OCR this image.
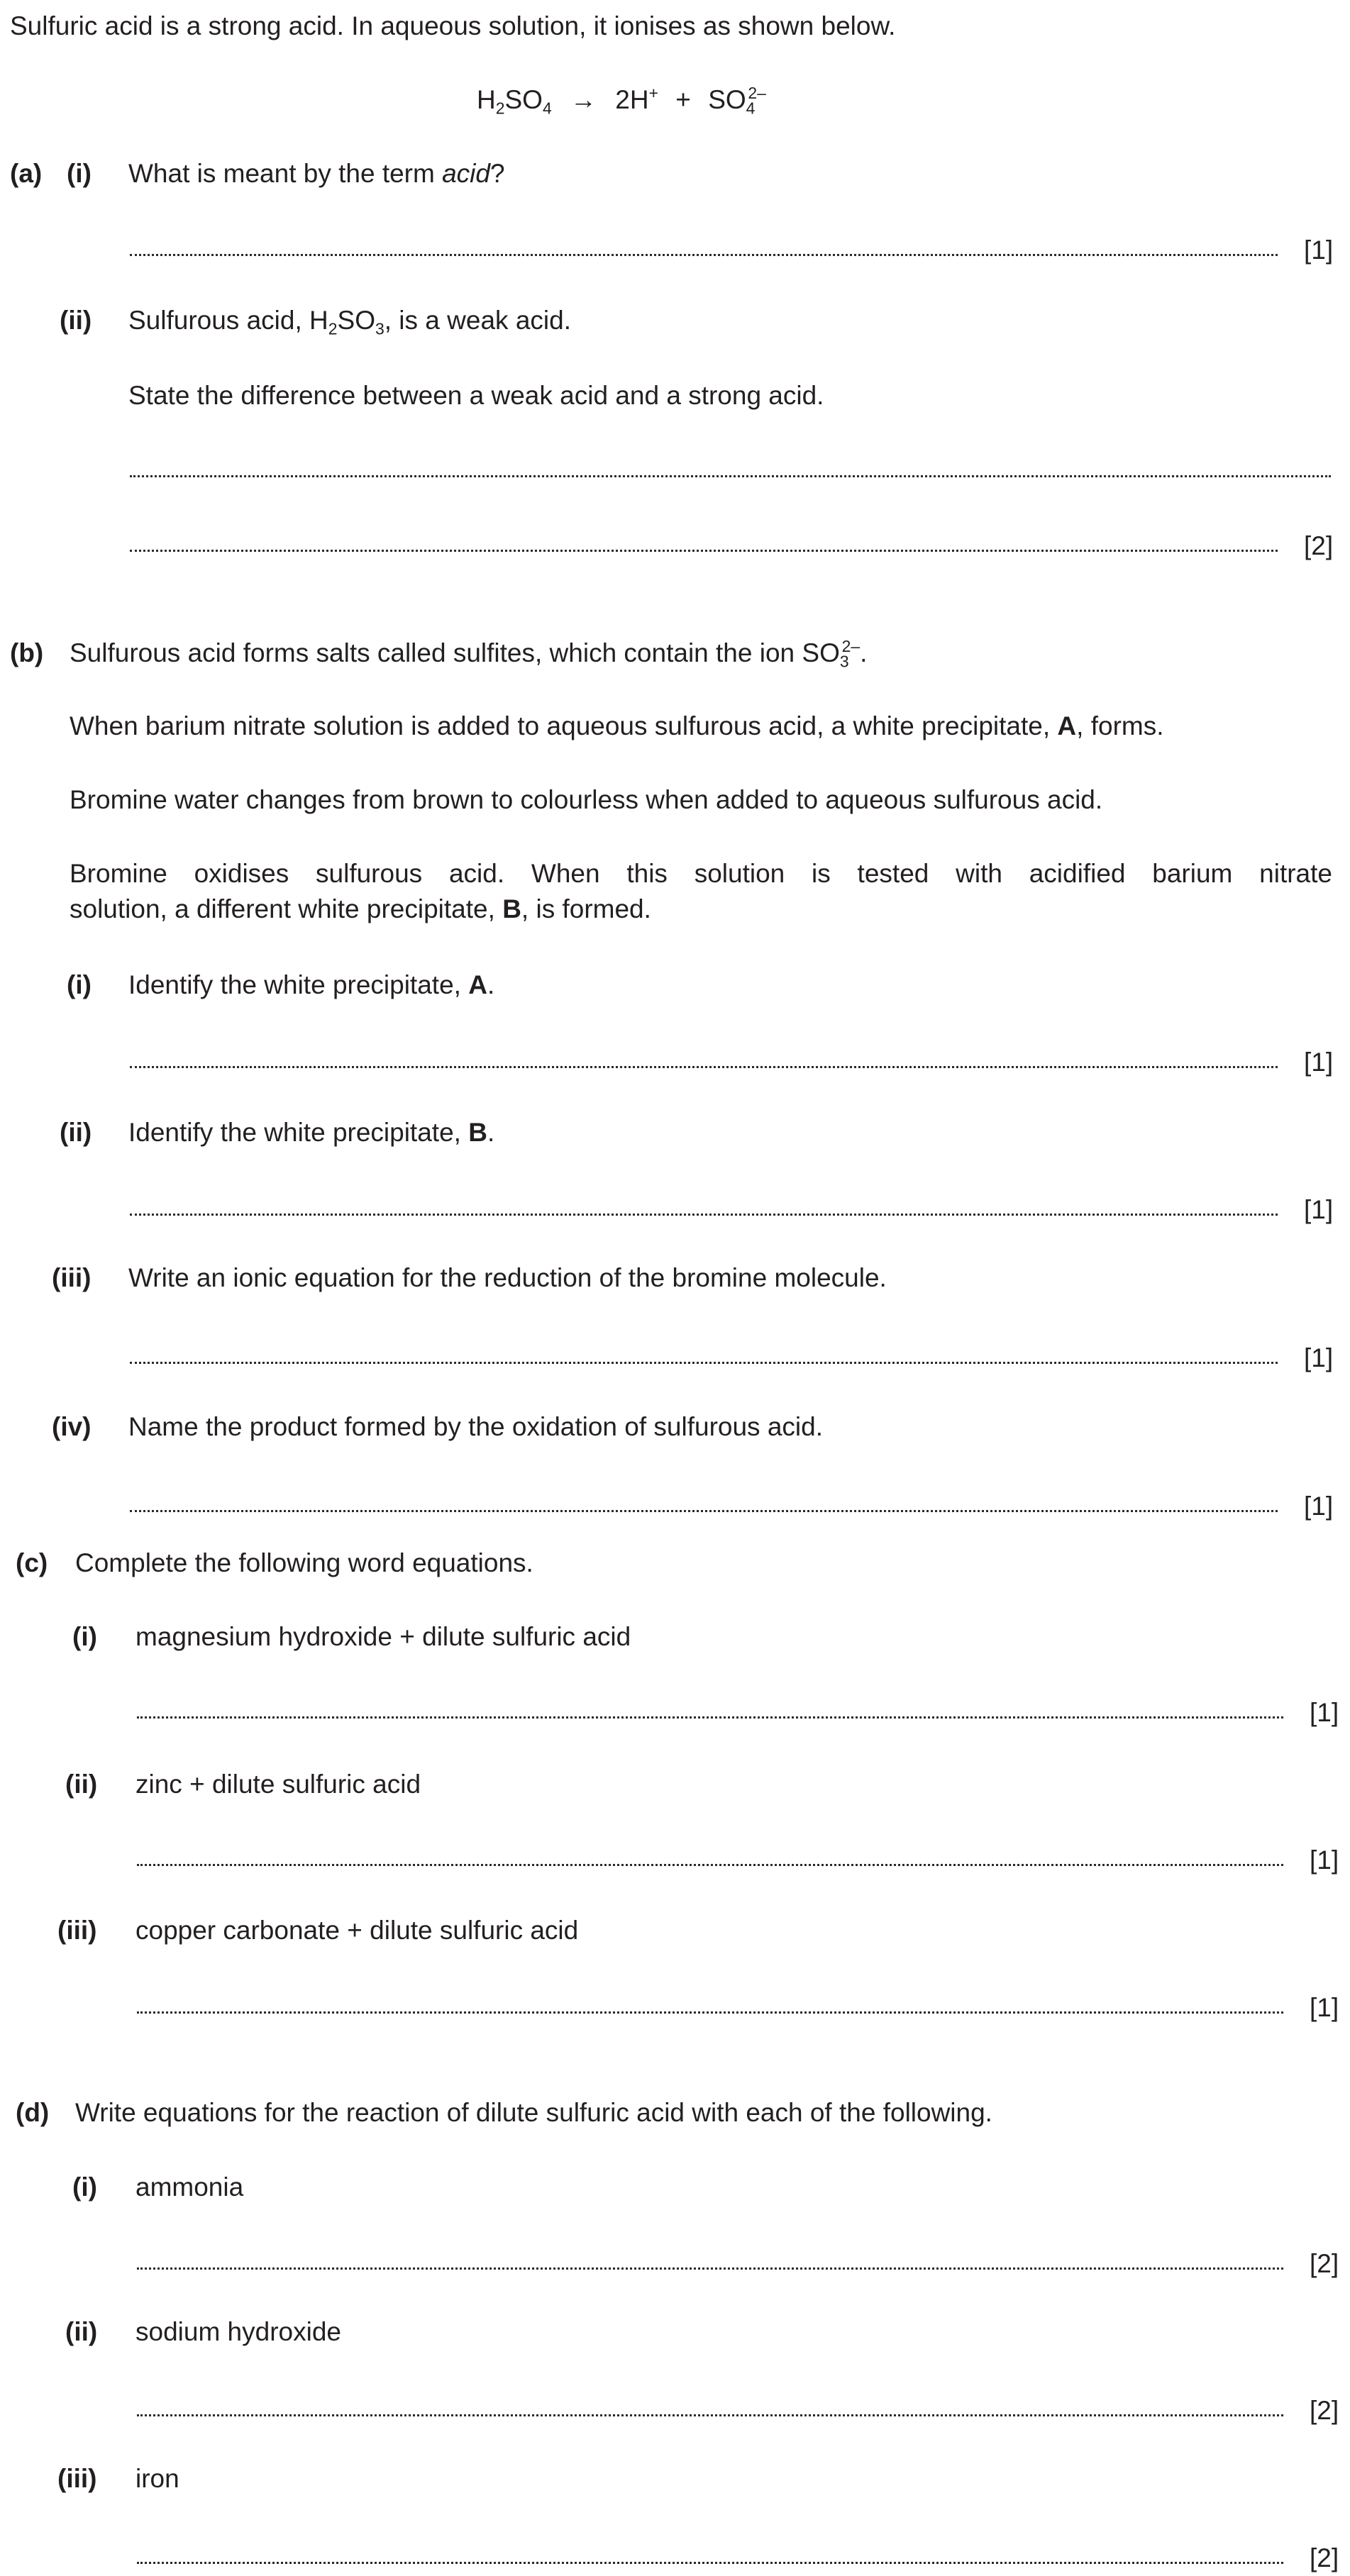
Sulfuric acid is a strong acid. In aqueous solution, it ionises as shown below.
$H_2SO_4 \to 2H^+ + SO_4^{2-}$
(a) (i) What is meant by the term acid?
[1]
(ii) Sulfurous acid, $H_2SO_3$, is a weak acid.
State the difference between a weak acid and a strong acid.
[2]
(b) Sulfurous acid forms salts called sulfites, which contain the ion $SO_3^{2-}$.
When barium nitrate solution is added to aqueous sulfurous acid, a white precipitate, A, forms.
Bromine water changes from brown to colourless when added to aqueous sulfurous acid.
Bromine oxidises sulfurous acid. When this solution is tested with acidified barium nitrate
solution, a different white precipitate, B, is formed.
(i) Identify the white precipitate, A.
[1]
(ii) Identify the white precipitate, B.
[1]
(iii) Write an ionic equation for the reduction of the bromine molecule.
[1]
(iv) Name the product formed by the oxidation of sulfurous acid.
[1]
(c) Complete the following word equations.
(i) magnesium hydroxide + dilute sulfuric acid
[1]
(ii) zinc + dilute sulfuric acid
[1]
(iii) copper carbonate + dilute sulfuric acid
[1]
(d) Write equations for the reaction of dilute sulfuric acid with each of the following.
(i) ammonia
[2]
(ii) sodium hydroxide
[2]
(iii) iron
[2]
